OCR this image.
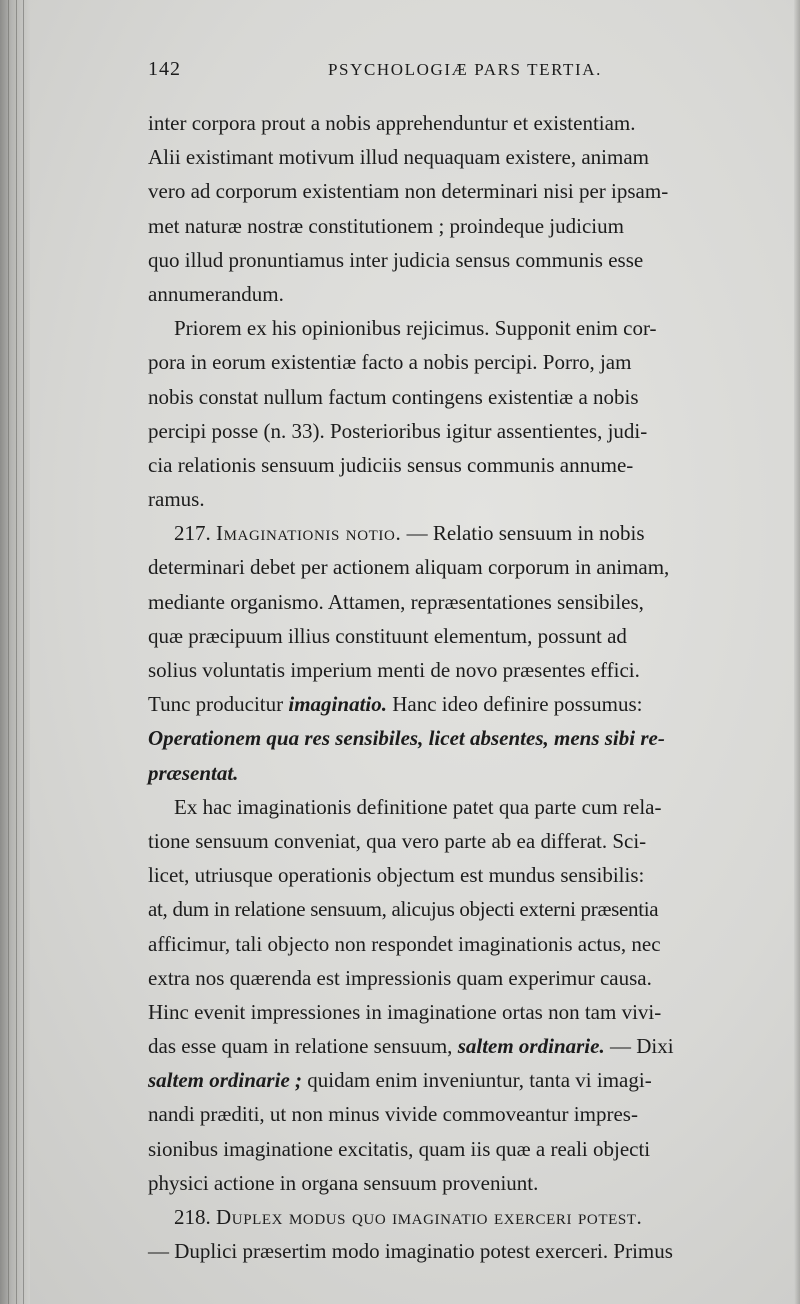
142	PSYCHOLOGIÆ PARS TERTIA.
inter corpora prout a nobis apprehenduntur et existentiam.
Alii existimant motivum illud nequaquam existere, animam
vero ad corporum existentiam non determinari nisi per ipsam-
met naturæ nostræ constitutionem ; proindeque judicium
quo illud pronuntiamus inter judicia sensus communis esse
annumerandum.
Priorem ex his opinionibus rejicimus. Supponit enim cor-
pora in eorum existentiæ facto a nobis percipi. Porro, jam
nobis constat nullum factum contingens existentiæ a nobis
percipi posse (n. 33). Posterioribus igitur assentientes, judi-
cia relationis sensuum judiciis sensus communis annume-
ramus.
217. Imaginationis notio. — Relatio sensuum in nobis
determinari debet per actionem aliquam corporum in animam,
mediante organismo. Attamen, repræsentationes sensibiles,
quæ præcipuum illius constituunt elementum, possunt ad
solius voluntatis imperium menti de novo præsentes effici.
Tunc producitur imaginatio. Hanc ideo definire possumus:
Operationem qua res sensibiles, licet absentes, mens sibi re-
præsentat.
Ex hac imaginationis definitione patet qua parte cum rela-
tione sensuum conveniat, qua vero parte ab ea differat. Sci-
licet, utriusque operationis objectum est mundus sensibilis:
at, dum in relatione sensuum, alicujus objecti externi præsentia
afficimur, tali objecto non respondet imaginationis actus, nec
extra nos quærenda est impressionis quam experimur causa.
Hinc evenit impressiones in imaginatione ortas non tam vivi-
das esse quam in relatione sensuum, saltem ordinarie. — Dixi
saltem ordinarie ; quidam enim inveniuntur, tanta vi imagi-
nandi præditi, ut non minus vivide commoveantur impres-
sionibus imaginatione excitatis, quam iis quæ a reali objecti
physici actione in organa sensuum proveniunt.
218. Duplex modus quo imaginatio exerceri potest.
— Duplici præsertim modo imaginatio potest exerceri. Primus
